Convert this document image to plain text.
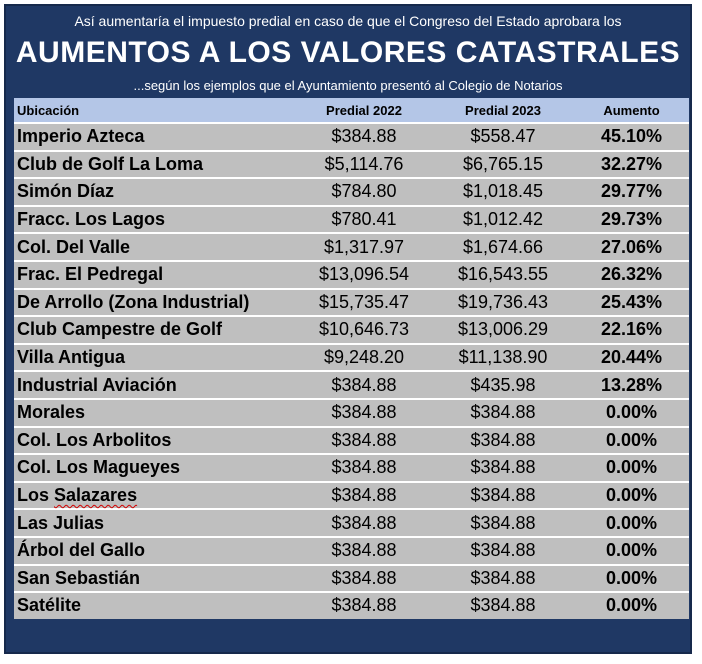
Así aumentaría el impuesto predial en caso de que el Congreso del Estado aprobara los
AUMENTOS A LOS VALORES CATASTRALES
...según los ejemplos que el Ayuntamiento presentó al Colegio de Notarios
Ubicación	Predial 2022	Predial 2023	Aumento
Imperio Azteca	$384.88	$558.47	45.10%
Club de Golf La Loma	$5,114.76	$6,765.15	32.27%
Simón Díaz	$784.80	$1,018.45	29.77%
Fracc. Los Lagos	$780.41	$1,012.42	29.73%
Col. Del Valle	$1,317.97	$1,674.66	27.06%
Frac. El Pedregal	$13,096.54	$16,543.55	26.32%
De Arrollo (Zona Industrial)	$15,735.47	$19,736.43	25.43%
Club Campestre de Golf	$10,646.73	$13,006.29	22.16%
Villa Antigua	$9,248.20	$11,138.90	20.44%
Industrial Aviación	$384.88	$435.98	13.28%
Morales	$384.88	$384.88	0.00%
Col. Los Arbolitos	$384.88	$384.88	0.00%
Col. Los Magueyes	$384.88	$384.88	0.00%
Los Salazares	$384.88	$384.88	0.00%
Las Julias	$384.88	$384.88	0.00%
Árbol del Gallo	$384.88	$384.88	0.00%
San Sebastián	$384.88	$384.88	0.00%
Satélite	$384.88	$384.88	0.00%
